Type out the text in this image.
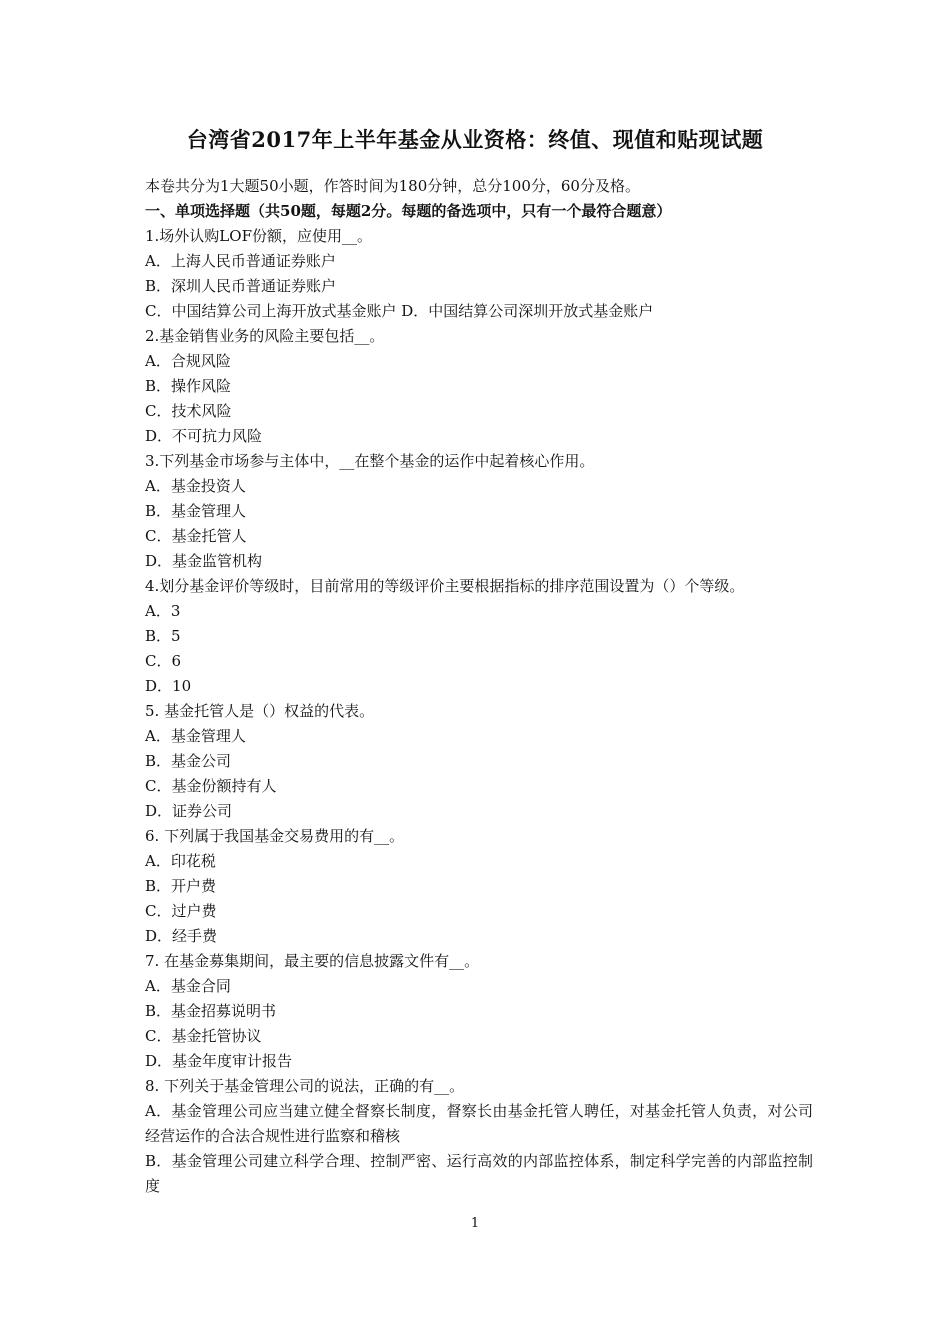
台湾省2017年上半年基金从业资格：终值、现值和贴现试题
本卷共分为1大题50小题，作答时间为180分钟，总分100分，60分及格。
一、单项选择题（共50题，每题2分。每题的备选项中，只有一个最符合题意）
1.场外认购LOF份额，应使用__。
A．上海人民币普通证券账户
B．深圳人民币普通证券账户
C．中国结算公司上海开放式基金账户 D．中国结算公司深圳开放式基金账户
2.基金销售业务的风险主要包括__。
A．合规风险
B．操作风险
C．技术风险
D．不可抗力风险
3.下列基金市场参与主体中，__在整个基金的运作中起着核心作用。
A．基金投资人
B．基金管理人
C．基金托管人
D．基金监管机构
4.划分基金评价等级时，目前常用的等级评价主要根据指标的排序范围设置为（）个等级。
A．3
B．5
C．6
D．10
5. 基金托管人是（）权益的代表。
A．基金管理人
B．基金公司
C．基金份额持有人
D．证券公司
6. 下列属于我国基金交易费用的有__。
A．印花税
B．开户费
C．过户费
D．经手费
7. 在基金募集期间，最主要的信息披露文件有__。
A．基金合同
B．基金招募说明书
C．基金托管协议
D．基金年度审计报告
8. 下列关于基金管理公司的说法，正确的有__。
A．基金管理公司应当建立健全督察长制度，督察长由基金托管人聘任，对基金托管人负责，对公司经营运作的合法合规性进行监察和稽核
B．基金管理公司建立科学合理、控制严密、运行高效的内部监控体系，制定科学完善的内部监控制度
1
